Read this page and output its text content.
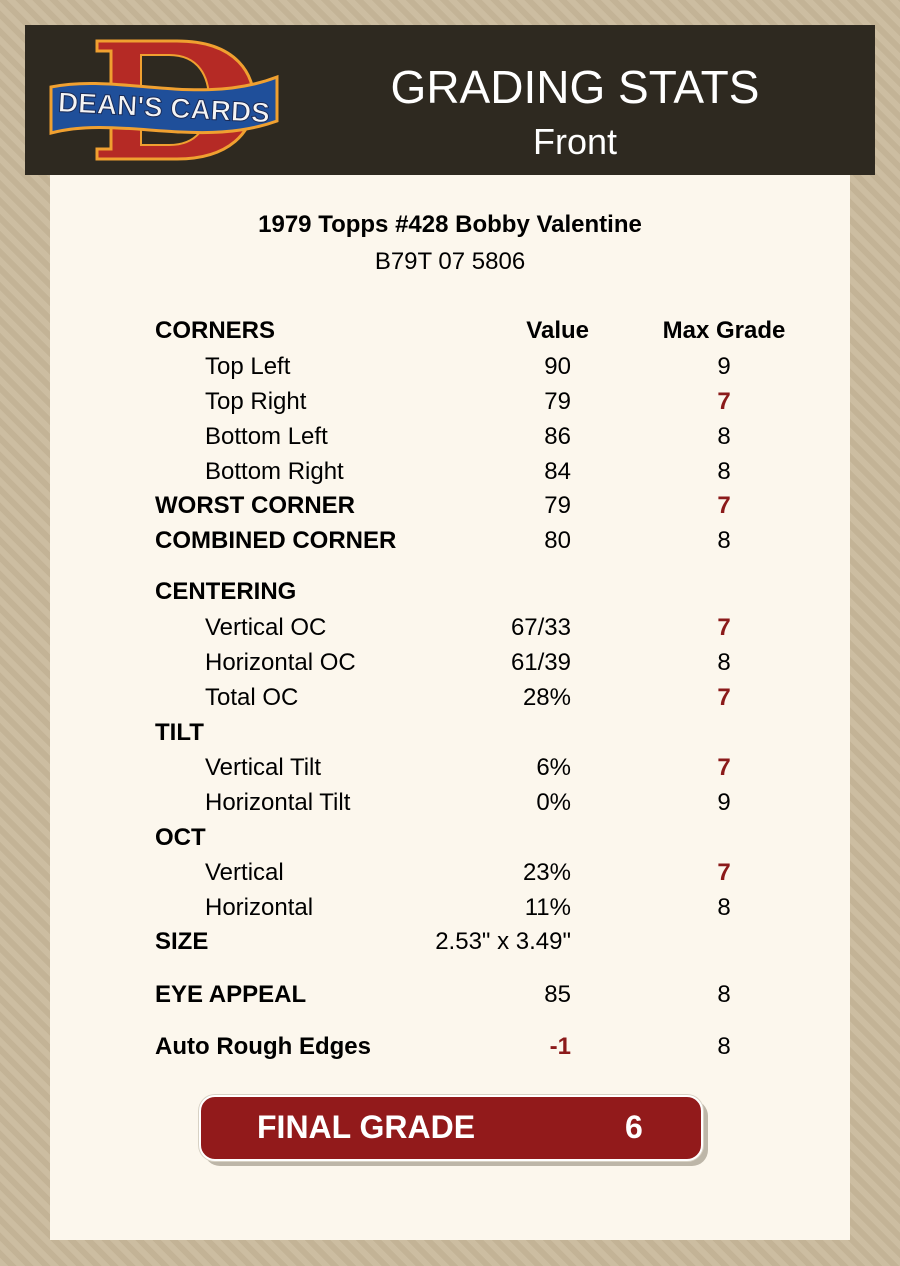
DEAN'S CARDS	GRADING STATS
Front
1979 Topps #428 Bobby Valentine
B79T 07 5806
CORNERS	Value	Max Grade
Top Left	90	9
Top Right	79	7
Bottom Left	86	8
Bottom Right	84	8
WORST CORNER	79	7
COMBINED CORNER	80	8
CENTERING
Vertical OC	67/33	7
Horizontal OC	61/39	8
Total OC	28%	7
TILT
Vertical Tilt	6%	7
Horizontal Tilt	0%	9
OCT
Vertical	23%	7
Horizontal	11%	8
SIZE	2.53" x 3.49"
EYE APPEAL	85	8
Auto Rough Edges	-1	8
FINAL GRADE	6
